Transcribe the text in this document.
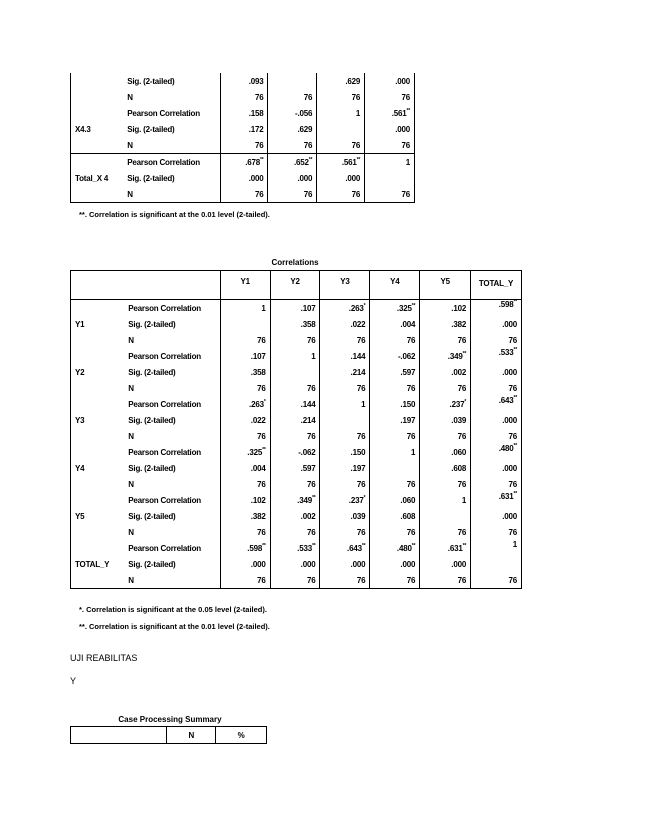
	Sig. (2-tailed)	.093		.629	.000
	N	76	76	76	76
	Pearson Correlation	.158	-.056	1	.561**
X4.3	Sig. (2-tailed)	.172	.629		.000
	N	76	76	76	76
Total_X 4	Pearson Correlation	.678**	.652**	.561**	1
	Sig. (2-tailed)	.000	.000	.000	
	N	76	76	76	76
**. Correlation is significant at the 0.01 level (2-tailed).
Correlations
		Y1	Y2	Y3	Y4	Y5	TOTAL_Y
Y1	Pearson Correlation	1	.107	.263*	.325**	.102	.598**
	Sig. (2-tailed)		.358	.022	.004	.382	.000
	N	76	76	76	76	76	76
Y2	Pearson Correlation	.107	1	.144	-.062	.349**	.533**
	Sig. (2-tailed)	.358		.214	.597	.002	.000
	N	76	76	76	76	76	76
Y3	Pearson Correlation	.263*	.144	1	.150	.237*	.643**
	Sig. (2-tailed)	.022	.214		.197	.039	.000
	N	76	76	76	76	76	76
Y4	Pearson Correlation	.325**	-.062	.150	1	.060	.480**
	Sig. (2-tailed)	.004	.597	.197		.608	.000
	N	76	76	76	76	76	76
Y5	Pearson Correlation	.102	.349**	.237*	.060	1	.631**
	Sig. (2-tailed)	.382	.002	.039	.608		.000
	N	76	76	76	76	76	76
TOTAL_Y	Pearson Correlation	.598**	.533**	.643**	.480**	.631**	1
	Sig. (2-tailed)	.000	.000	.000	.000	.000	
	N	76	76	76	76	76	76
*. Correlation is significant at the 0.05 level (2-tailed).
**. Correlation is significant at the 0.01 level (2-tailed).
UJI REABILITAS
Y
Case Processing Summary
	N	%
